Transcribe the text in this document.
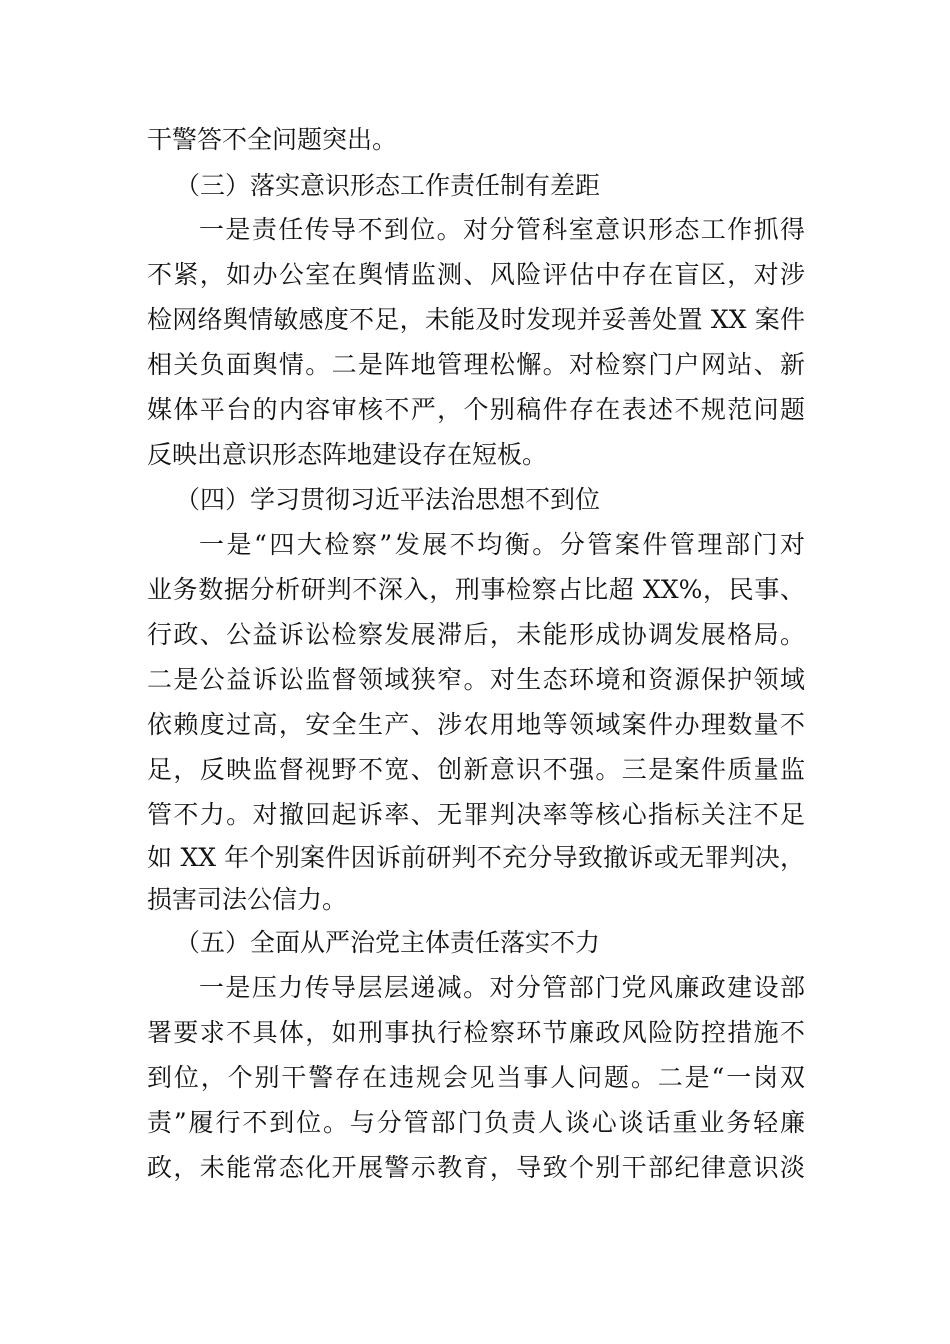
干警答不全问题突出。
（三）落实意识形态工作责任制有差距
一是责任传导不到位。对分管科室意识形态工作抓得
不紧，如办公室在舆情监测、风险评估中存在盲区，对涉
检网络舆情敏感度不足，未能及时发现并妥善处置 XX 案件
相关负面舆情。二是阵地管理松懈。对检察门户网站、新
媒体平台的内容审核不严，个别稿件存在表述不规范问题
反映出意识形态阵地建设存在短板。
（四）学习贯彻习近平法治思想不到位
一是“四大检察”发展不均衡。分管案件管理部门对
业务数据分析研判不深入，刑事检察占比超 XX%，民事、
行政、公益诉讼检察发展滞后，未能形成协调发展格局。
二是公益诉讼监督领域狭窄。对生态环境和资源保护领域
依赖度过高，安全生产、涉农用地等领域案件办理数量不
足，反映监督视野不宽、创新意识不强。三是案件质量监
管不力。对撤回起诉率、无罪判决率等核心指标关注不足
如 XX 年个别案件因诉前研判不充分导致撤诉或无罪判决，
损害司法公信力。
（五）全面从严治党主体责任落实不力
一是压力传导层层递减。对分管部门党风廉政建设部
署要求不具体，如刑事执行检察环节廉政风险防控措施不
到位，个别干警存在违规会见当事人问题。二是“一岗双
责”履行不到位。与分管部门负责人谈心谈话重业务轻廉
政，未能常态化开展警示教育，导致个别干部纪律意识淡
